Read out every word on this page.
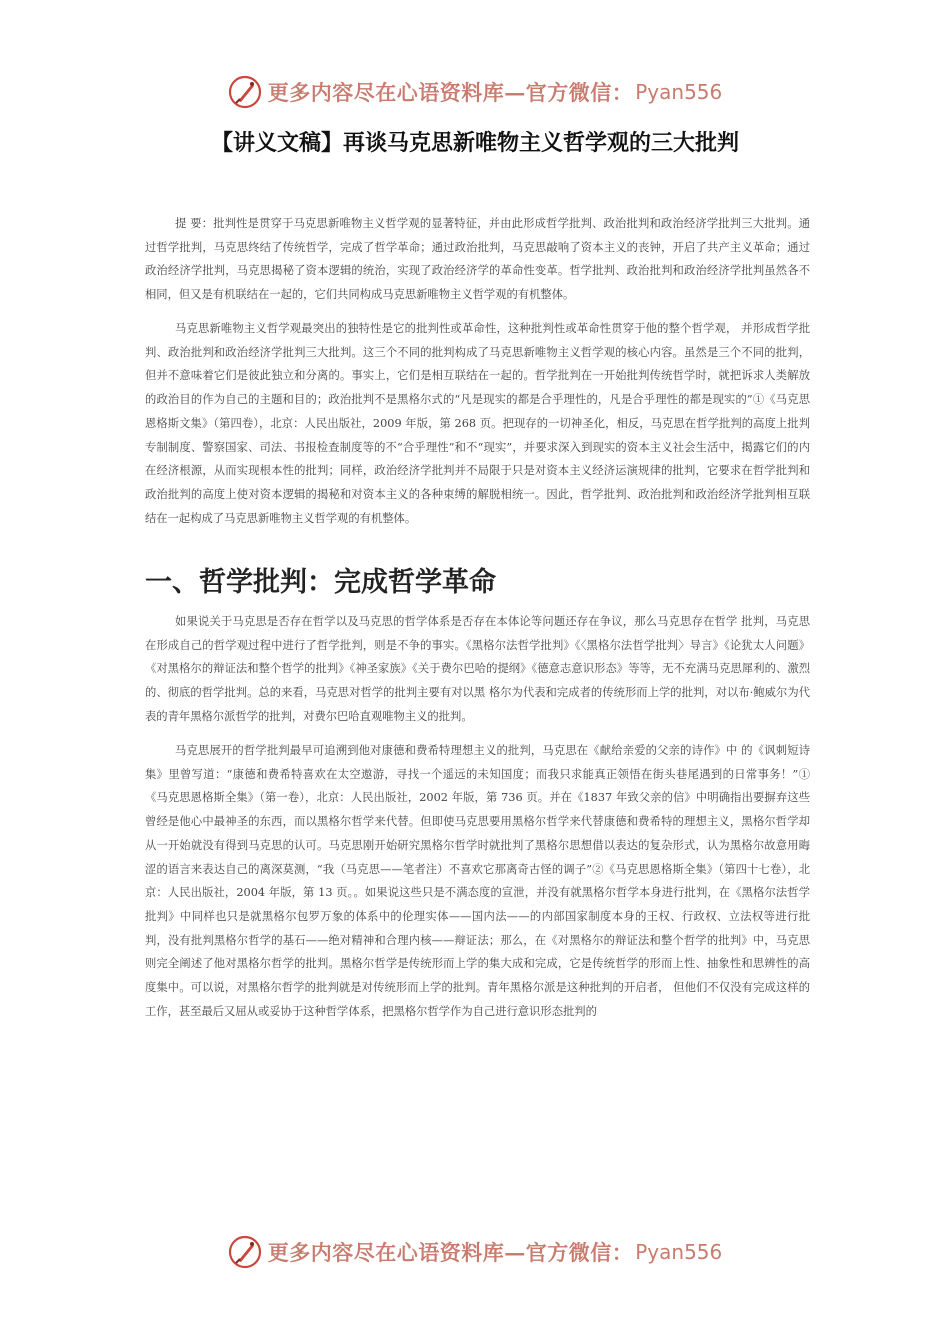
更多内容尽在心语资料库—官方微信： Pyan556
【讲义文稿】再谈马克思新唯物主义哲学观的三大批判

提 要：批判性是贯穿于马克思新唯物主义哲学观的显著特征，并由此形成哲学批判、政治批判和政治经济学批判三大批判。通过哲学批判，马克思终结了传统哲学，完成了哲学革命；通过政治批判，马克思敲响了资本主义的丧钟，开启了共产主义革命；通过政治经济学批判，马克思揭秘了资本逻辑的统治，实现了政治经济学的革命性变革。哲学批判、政治批判和政治经济学批判虽然各不相同，但又是有机联结在一起的，它们共同构成马克思新唯物主义哲学观的有机整体。

马克思新唯物主义哲学观最突出的独特性是它的批判性或革命性，这种批判性或革命性贯穿于他的整个哲学观， 并形成哲学批判、政治批判和政治经济学批判三大批判。这三个不同的批判构成了马克思新唯物主义哲学观的核心内容。虽然是三个不同的批判，但并不意味着它们是彼此独立和分离的。事实上，它们是相互联结在一起的。哲学批判在一开始批判传统哲学时，就把诉求人类解放的政治目的作为自己的主题和目的；政治批判不是黑格尔式的“凡是现实的都是合乎理性的，凡是合乎理性的都是现实的”①《马克思恩格斯文集》（第四卷），北京：人民出版社，2009 年版，第 268 页。把现存的一切神圣化，相反，马克思在哲学批判的高度上批判专制制度、警察国家、司法、书报检查制度等的不“合乎理性”和不“现实”，并要求深入到现实的资本主义社会生活中，揭露它们的内在经济根源，从而实现根本性的批判；同样，政治经济学批判并不局限于只是对资本主义经济运演规律的批判，它要求在哲学批判和政治批判的高度上使对资本逻辑的揭秘和对资本主义的各种束缚的解脱相统一。因此，哲学批判、政治批判和政治经济学批判相互联结在一起构成了马克思新唯物主义哲学观的有机整体。

一、哲学批判：完成哲学革命

如果说关于马克思是否存在哲学以及马克思的哲学体系是否存在本体论等问题还存在争议，那么马克思存在哲学 批判，马克思在形成自己的哲学观过程中进行了哲学批判，则是不争的事实。《黑格尔法哲学批判》《〈黑格尔法哲学批判〉导言》《论犹太人问题》《对黑格尔的辩证法和整个哲学的批判》《神圣家族》《关于费尔巴哈的提纲》《德意志意识形态》等等，无不充满马克思犀利的、激烈的、彻底的哲学批判。总的来看，马克思对哲学的批判主要有对以黑 格尔为代表和完成者的传统形而上学的批判，对以布·鲍威尔为代表的青年黑格尔派哲学的批判，对费尔巴哈直观唯物主义的批判。

马克思展开的哲学批判最早可追溯到他对康德和费希特理想主义的批判，马克思在《献给亲爱的父亲的诗作》中 的《讽刺短诗集》里曾写道：“康德和费希特喜欢在太空遨游，寻找一个遥远的未知国度；而我只求能真正领悟在街头巷尾遇到的日常事务！”①《马克思恩格斯全集》（第一卷），北京：人民出版社，2002 年版，第 736 页。并在《1837 年致父亲的信》中明确指出要摒弃这些曾经是他心中最神圣的东西，而以黑格尔哲学来代替。但即使马克思要用黑格尔哲学来代替康德和费希特的理想主义，黑格尔哲学却从一开始就没有得到马克思的认可。马克思刚开始研究黑格尔哲学时就批判了黑格尔思想借以表达的复杂形式，认为黑格尔故意用晦涩的语言来表达自己的离深莫测，“我（马克思——笔者注）不喜欢它那离奇古怪的调子”②《马克思恩格斯全集》（第四十七卷），北京：人民出版社，2004 年版，第 13 页。。如果说这些只是不满态度的宣泄，并没有就黑格尔哲学本身进行批判，在《黑格尔法哲学批判》中同样也只是就黑格尔包罗万象的体系中的伦理实体——国内法——的内部国家制度本身的王权、行政权、立法权等进行批判，没有批判黑格尔哲学的基石——绝对精神和合理内核——辩证法；那么，在《对黑格尔的辩证法和整个哲学的批判》中，马克思则完全阐述了他对黑格尔哲学的批判。黑格尔哲学是传统形而上学的集大成和完成，它是传统哲学的形而上性、抽象性和思辨性的高度集中。可以说，对黑格尔哲学的批判就是对传统形而上学的批判。青年黑格尔派是这种批判的开启者， 但他们不仅没有完成这样的工作，甚至最后又屈从或妥协于这种哲学体系，把黑格尔哲学作为自己进行意识形态批判的

更多内容尽在心语资料库—官方微信： Pyan556
